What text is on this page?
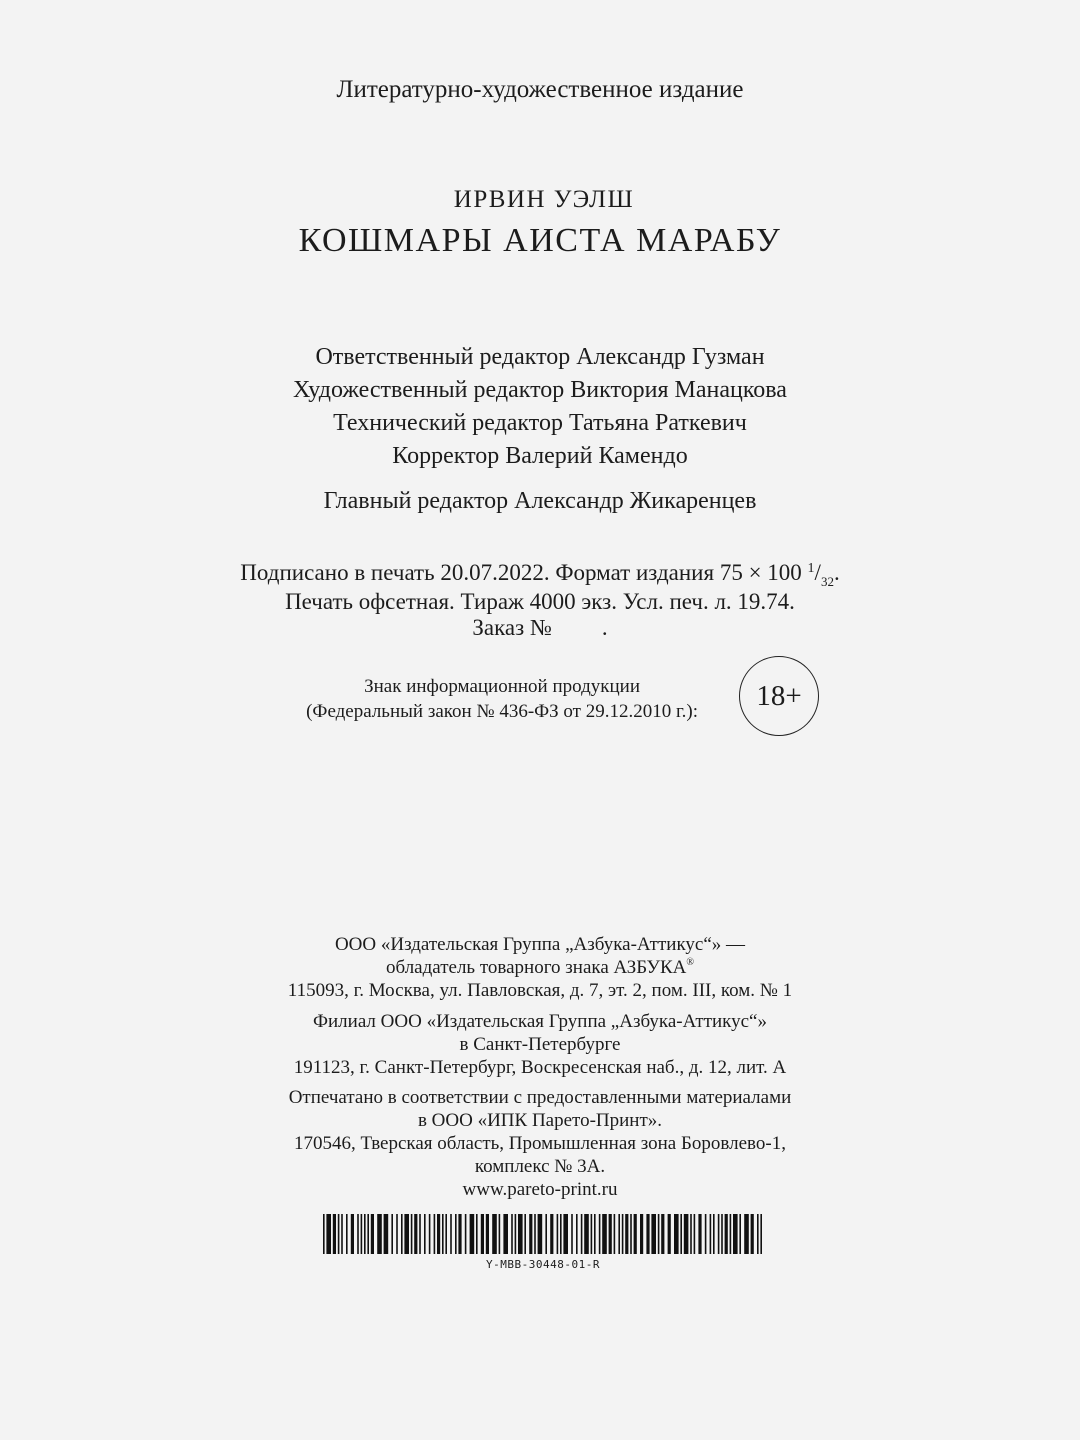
Литературно-художественное издание
ИРВИН УЭЛШ
КОШМАРЫ АИСТА МАРАБУ
Ответственный редактор Александр Гузман
Художественный редактор Виктория Манацкова
Технический редактор Татьяна Раткевич
Корректор Валерий Камендо
Главный редактор Александр Жикаренцев
Подписано в печать 20.07.2022. Формат издания 75 × 100 $^1/_{32}$.
Печать офсетная. Тираж 4000 экз. Усл. печ. л. 19.74.
Заказ № .
Знак информационной продукции
(Федеральный закон № 436-ФЗ от 29.12.2010 г.): 18+
ООО «Издательская Группа „Азбука-Аттикус“» —
обладатель товарного знака АЗБУКА®
115093, г. Москва, ул. Павловская, д. 7, эт. 2, пом. III, ком. № 1
Филиал ООО «Издательская Группа „Азбука-Аттикус“»
в Санкт-Петербурге
191123, г. Санкт-Петербург, Воскресенская наб., д. 12, лит. А
Отпечатано в соответствии с предоставленными материалами
в ООО «ИПК Парето-Принт».
170546, Тверская область, Промышленная зона Боровлево-1,
комплекс № 3А.
www.pareto-print.ru
Y-MBB-30448-01-R
